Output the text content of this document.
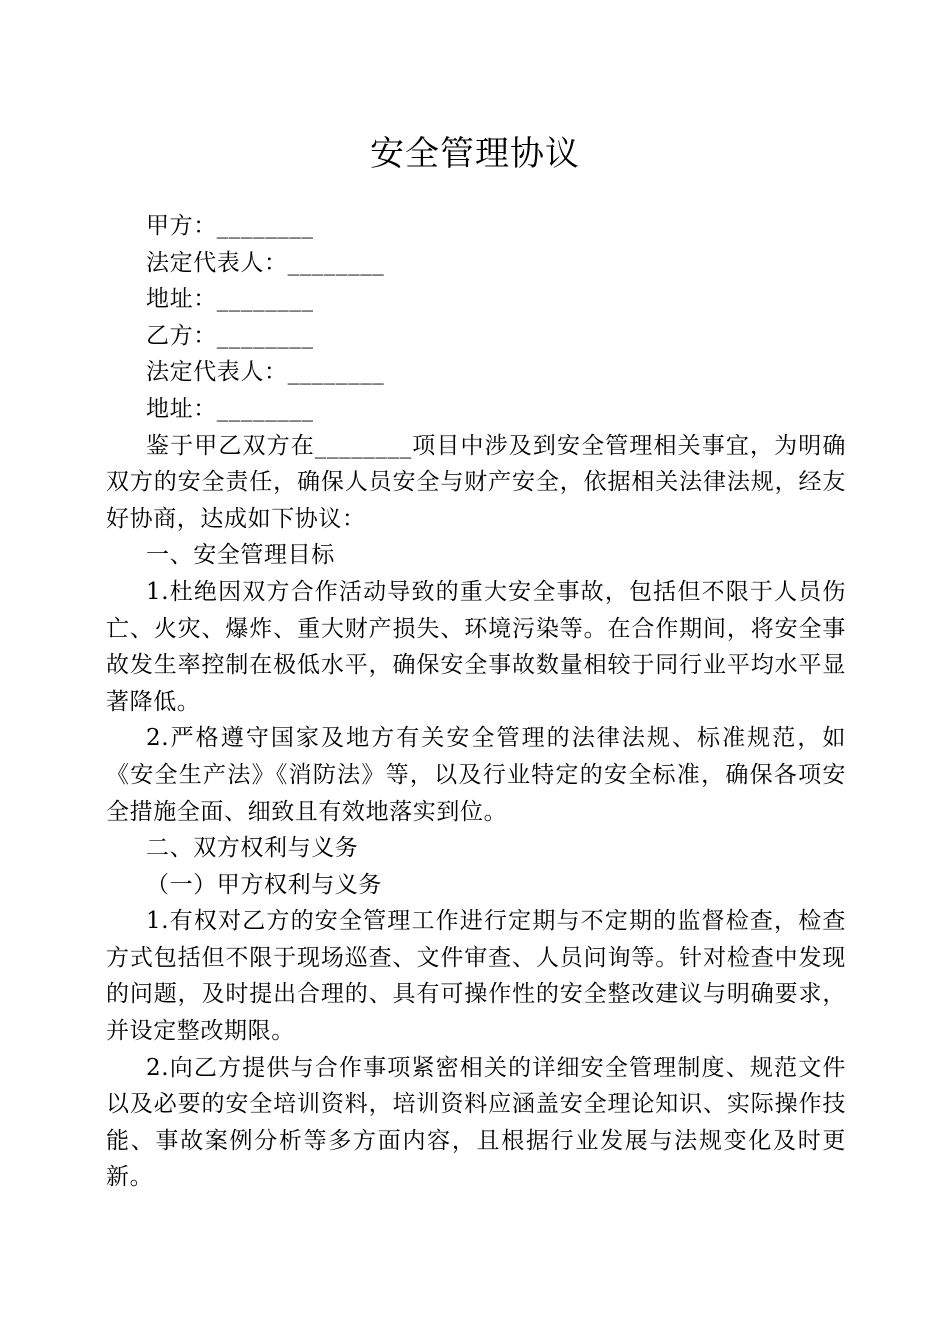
安全管理协议

甲方：________

法定代表人：________

地址：________

乙方：________

法定代表人：________

地址：________

鉴于甲乙双方在________项目中涉及到安全管理相关事宜，为明确双方的安全责任，确保人员安全与财产安全，依据相关法律法规，经友好协商，达成如下协议：

一、安全管理目标

1.杜绝因双方合作活动导致的重大安全事故，包括但不限于人员伤亡、火灾、爆炸、重大财产损失、环境污染等。在合作期间，将安全事故发生率控制在极低水平，确保安全事故数量相较于同行业平均水平显著降低。

2.严格遵守国家及地方有关安全管理的法律法规、标准规范，如《安全生产法》《消防法》等，以及行业特定的安全标准，确保各项安全措施全面、细致且有效地落实到位。

二、双方权利与义务

（一）甲方权利与义务

1.有权对乙方的安全管理工作进行定期与不定期的监督检查，检查方式包括但不限于现场巡查、文件审查、人员问询等。针对检查中发现的问题，及时提出合理的、具有可操作性的安全整改建议与明确要求，并设定整改期限。

2.向乙方提供与合作事项紧密相关的详细安全管理制度、规范文件以及必要的安全培训资料，培训资料应涵盖安全理论知识、实际操作技能、事故案例分析等多方面内容，且根据行业发展与法规变化及时更新。
